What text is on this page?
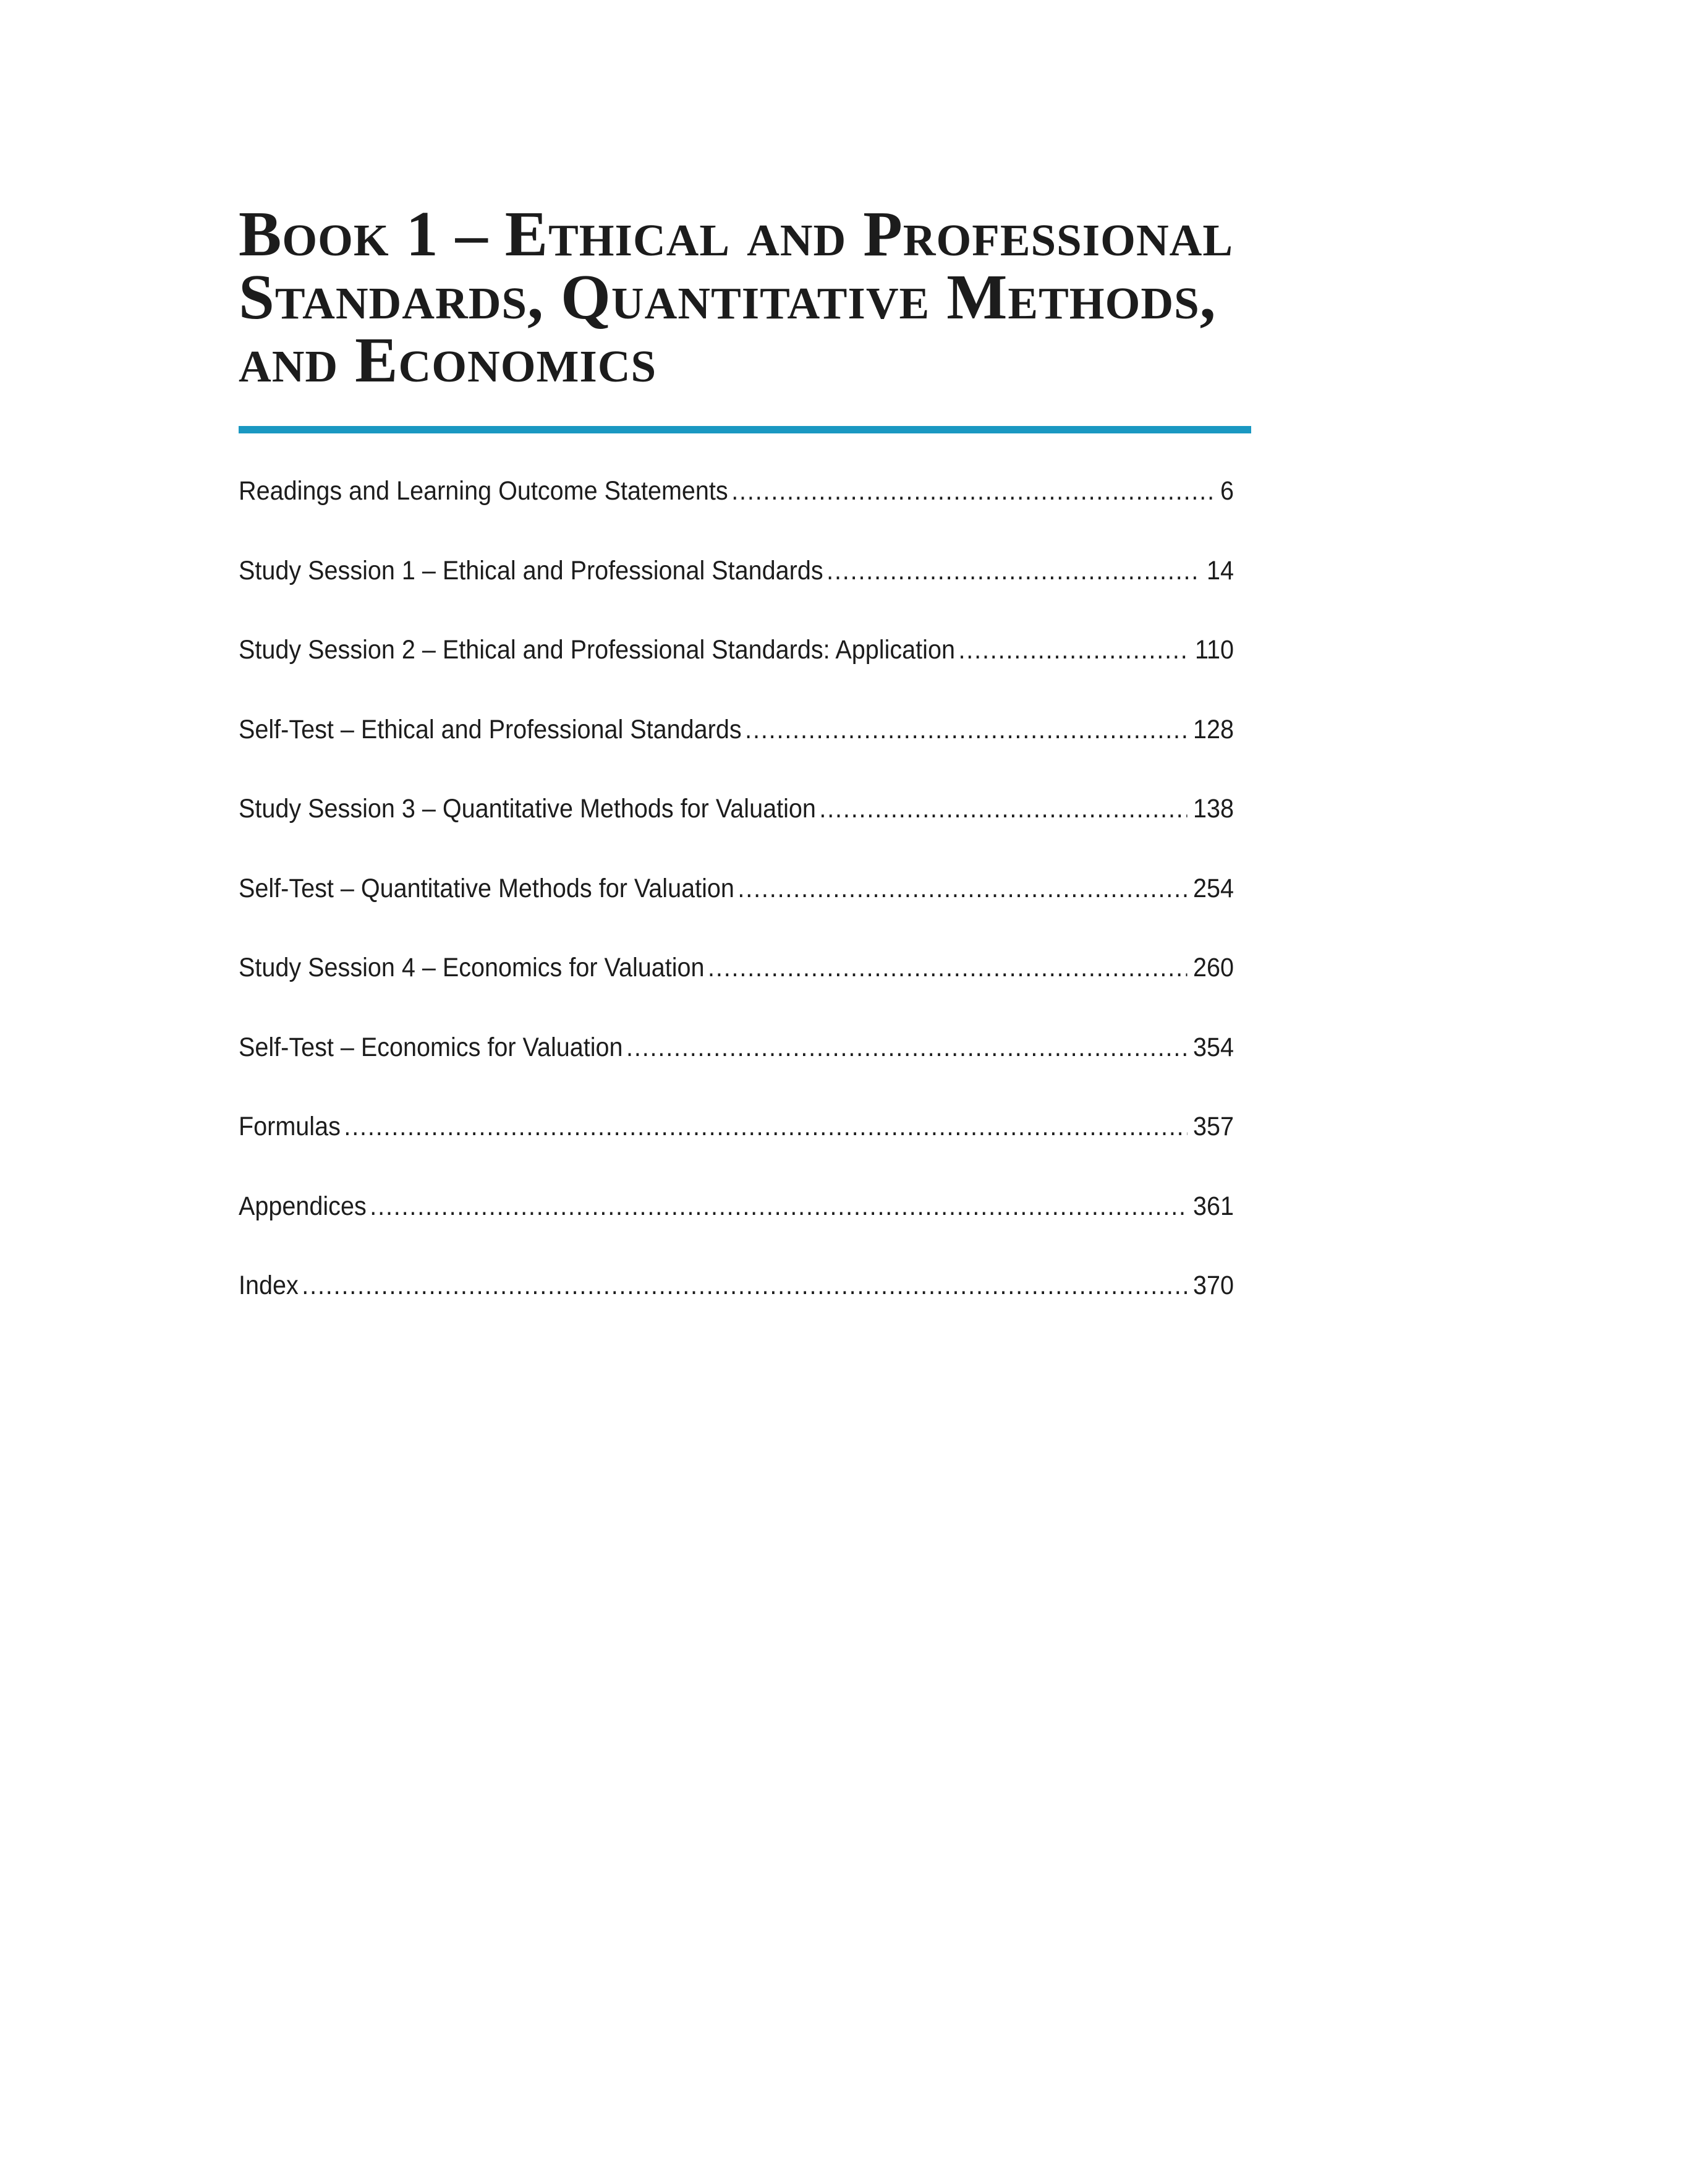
Book 1 – Ethical and Professional
Standards, Quantitative Methods,
and Economics
Readings and Learning Outcome Statements .....	6
Study Session 1 – Ethical and Professional Standards .....	14
Study Session 2 – Ethical and Professional Standards: Application .....	110
Self-Test – Ethical and Professional Standards .....	128
Study Session 3 – Quantitative Methods for Valuation .....	138
Self-Test – Quantitative Methods for Valuation .....	254
Study Session 4 – Economics for Valuation .....	260
Self-Test – Economics for Valuation .....	354
Formulas .....	357
Appendices .....	361
Index .....	370
